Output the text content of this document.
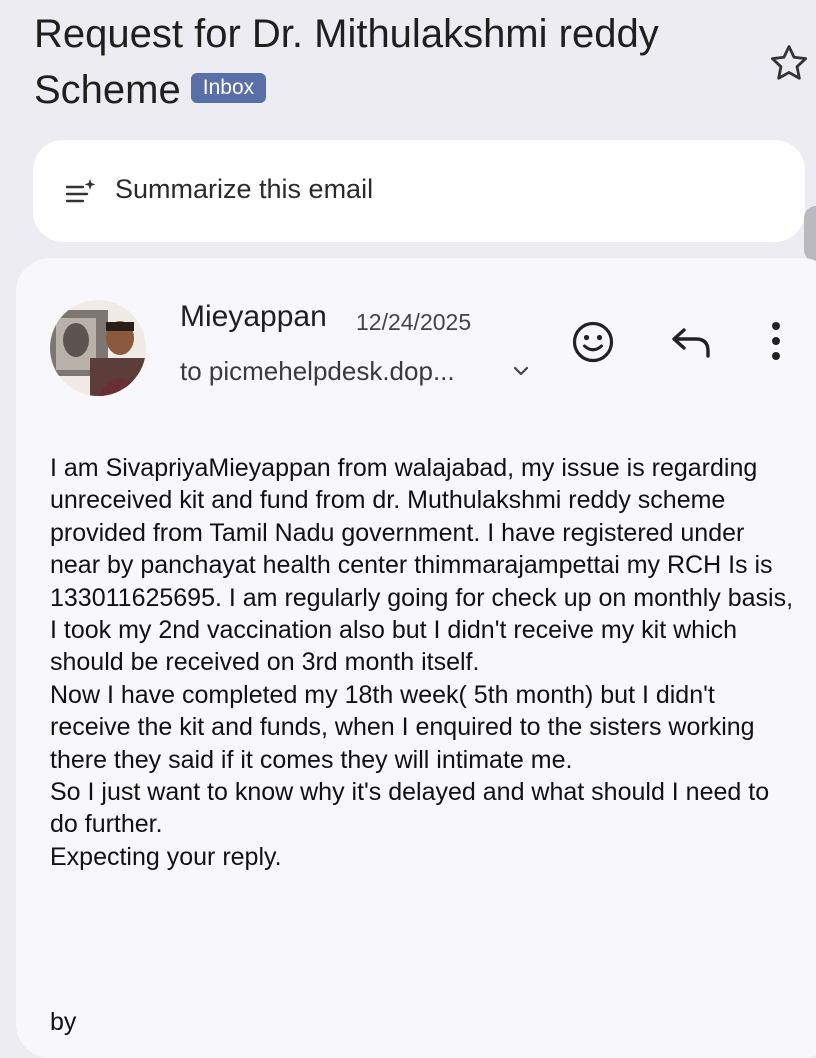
Request for Dr. Mithulakshmi reddy Scheme Inbox
Summarize this email
Mieyappan 12/24/2025
to picmehelpdesk.dop...

I am SivapriyaMieyappan from walajabad, my issue is regarding unreceived kit and fund from dr. Muthulakshmi reddy scheme provided from Tamil Nadu government. I have registered under near by panchayat health center thimmarajampettai my RCH Is is 133011625695. I am regularly going for check up on monthly basis, I took my 2nd vaccination also but I didn't receive my kit which should be received on 3rd month itself.

Now I have completed my 18th week( 5th month) but I didn't receive the kit and funds, when I enquired to the sisters working there they said if it comes they will intimate me.

So I just want to know why it's delayed and what should I need to do further.

Expecting your reply.

by
